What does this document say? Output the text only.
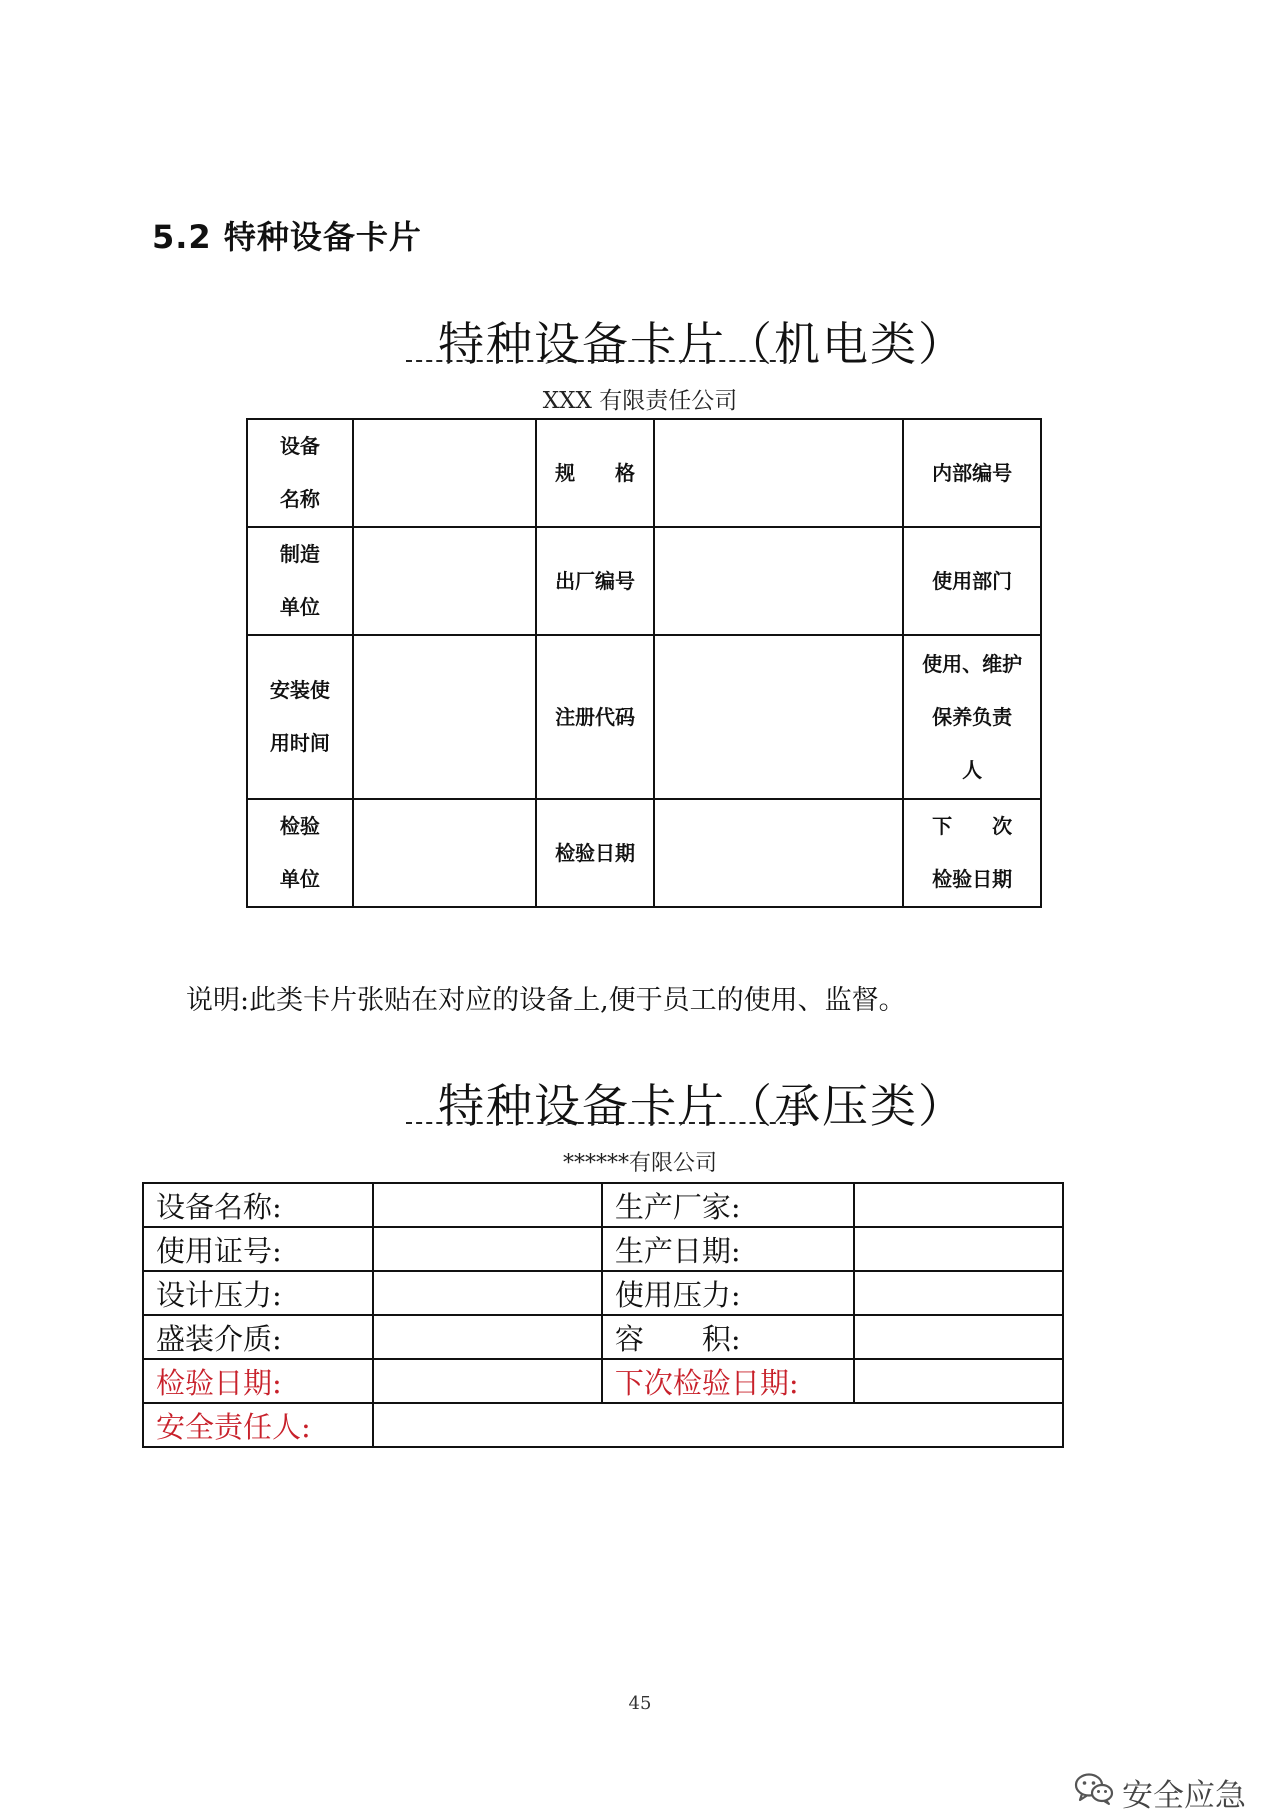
5.2 特种设备卡片
特种设备卡片（机电类）
XXX 有限责任公司
设备
名称		规　　格		内部编号

制造
单位		出厂编号		使用部门

安装使
用时间		注册代码		使用、维护
保养负责
人

检验
单位		检验日期		下　　次
检验日期
说明:此类卡片张贴在对应的设备上,便于员工的使用、监督。
特种设备卡片（承压类）
******有限公司
设备名称:		生产厂家:	
使用证号:		生产日期:	
设计压力:		使用压力:	
盛装介质:		容　　积:	
检验日期:		下次检验日期:	
安全责任人:			
45
安全应急
